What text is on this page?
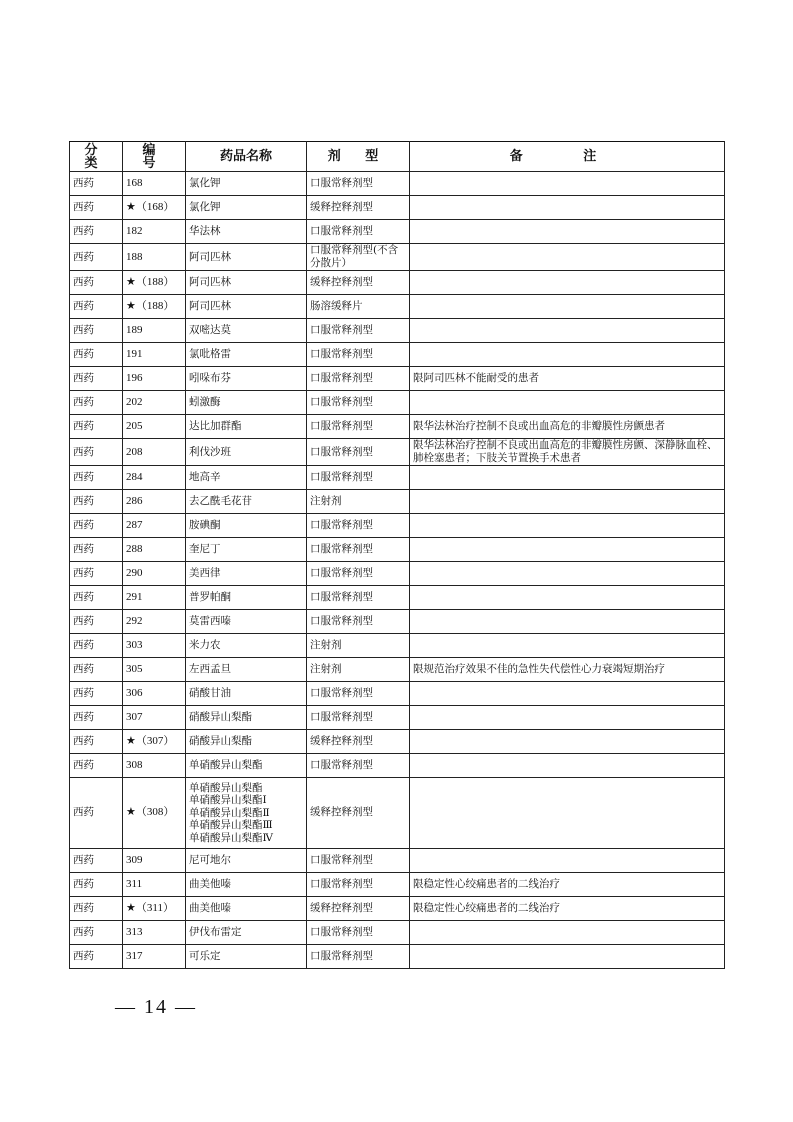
分 类	编 号	药品名称	剂 型	备 注
西药	168	氯化钾	口服常释剂型	
西药	★（168）	氯化钾	缓释控释剂型	
西药	182	华法林	口服常释剂型	
西药	188	阿司匹林	口服常释剂型(不含分散片）	
西药	★（188）	阿司匹林	缓释控释剂型	
西药	★（188）	阿司匹林	肠溶缓释片	
西药	189	双嘧达莫	口服常释剂型	
西药	191	氯吡格雷	口服常释剂型	
西药	196	吲哚布芬	口服常释剂型	限阿司匹林不能耐受的患者
西药	202	蚓激酶	口服常释剂型	
西药	205	达比加群酯	口服常释剂型	限华法林治疗控制不良或出血高危的非瓣膜性房颤患者
西药	208	利伐沙班	口服常释剂型	限华法林治疗控制不良或出血高危的非瓣膜性房颤、深静脉血栓、肺栓塞患者；下肢关节置换手术患者
西药	284	地高辛	口服常释剂型	
西药	286	去乙酰毛花苷	注射剂	
西药	287	胺碘酮	口服常释剂型	
西药	288	奎尼丁	口服常释剂型	
西药	290	美西律	口服常释剂型	
西药	291	普罗帕酮	口服常释剂型	
西药	292	莫雷西嗪	口服常释剂型	
西药	303	米力农	注射剂	
西药	305	左西孟旦	注射剂	限规范治疗效果不佳的急性失代偿性心力衰竭短期治疗
西药	306	硝酸甘油	口服常释剂型	
西药	307	硝酸异山梨酯	口服常释剂型	
西药	★（307）	硝酸异山梨酯	缓释控释剂型	
西药	308	单硝酸异山梨酯	口服常释剂型	
西药	★（308）	单硝酸异山梨酯
单硝酸异山梨酯Ⅰ
单硝酸异山梨酯Ⅱ
单硝酸异山梨酯Ⅲ
单硝酸异山梨酯Ⅳ	缓释控释剂型	
西药	309	尼可地尔	口服常释剂型	
西药	311	曲美他嗪	口服常释剂型	限稳定性心绞痛患者的二线治疗
西药	★（311）	曲美他嗪	缓释控释剂型	限稳定性心绞痛患者的二线治疗
西药	313	伊伐布雷定	口服常释剂型	
西药	317	可乐定	口服常释剂型	
— 14 —
